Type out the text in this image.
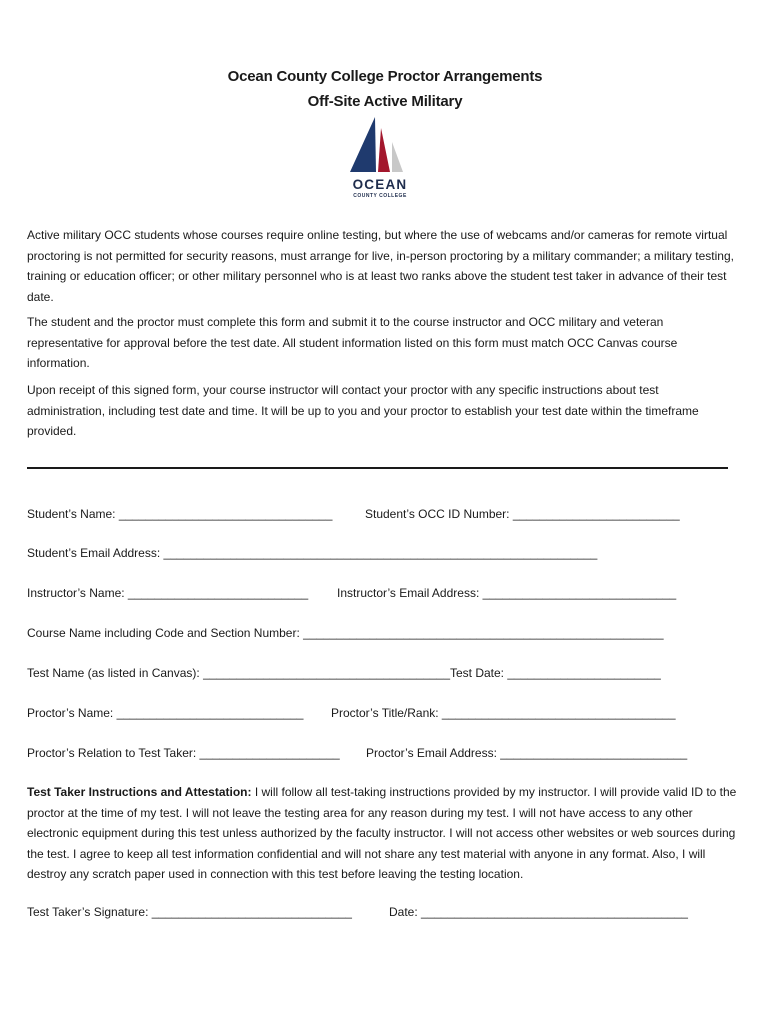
Ocean County College Proctor Arrangements
Off-Site Active Military
OCEAN
COUNTY COLLEGE

Active military OCC students whose courses require online testing, but where the use of webcams and/or cameras for remote virtual proctoring is not permitted for security reasons, must arrange for live, in-person proctoring by a military commander; a military testing, training or education officer; or other military personnel who is at least two ranks above the student test taker in advance of their test date.

The student and the proctor must complete this form and submit it to the course instructor and OCC military and veteran representative for approval before the test date. All student information listed on this form must match OCC Canvas course information.

Upon receipt of this signed form, your course instructor will contact your proctor with any specific instructions about test administration, including test date and time. It will be up to you and your proctor to establish your test date within the timeframe provided.

Student’s Name: ________________________________	Student’s OCC ID Number: _________________________
Student’s Email Address: _________________________________________________________________
Instructor’s Name: ___________________________ Instructor’s Email Address: _____________________________
Course Name including Code and Section Number: ______________________________________________________
Test Name (as listed in Canvas): _____________________________________Test Date: _______________________
Proctor’s Name: ____________________________ Proctor’s Title/Rank: ___________________________________
Proctor’s Relation to Test Taker: _____________________ Proctor’s Email Address: ____________________________

Test Taker Instructions and Attestation: I will follow all test-taking instructions provided by my instructor. I will provide valid ID to the proctor at the time of my test. I will not leave the testing area for any reason during my test. I will not have access to any other electronic equipment during this test unless authorized by the faculty instructor. I will not access other websites or web sources during the test. I agree to keep all test information confidential and will not share any test material with anyone in any format. Also, I will destroy any scratch paper used in connection with this test before leaving the testing location.

Test Taker’s Signature: ______________________________	Date: ________________________________________
